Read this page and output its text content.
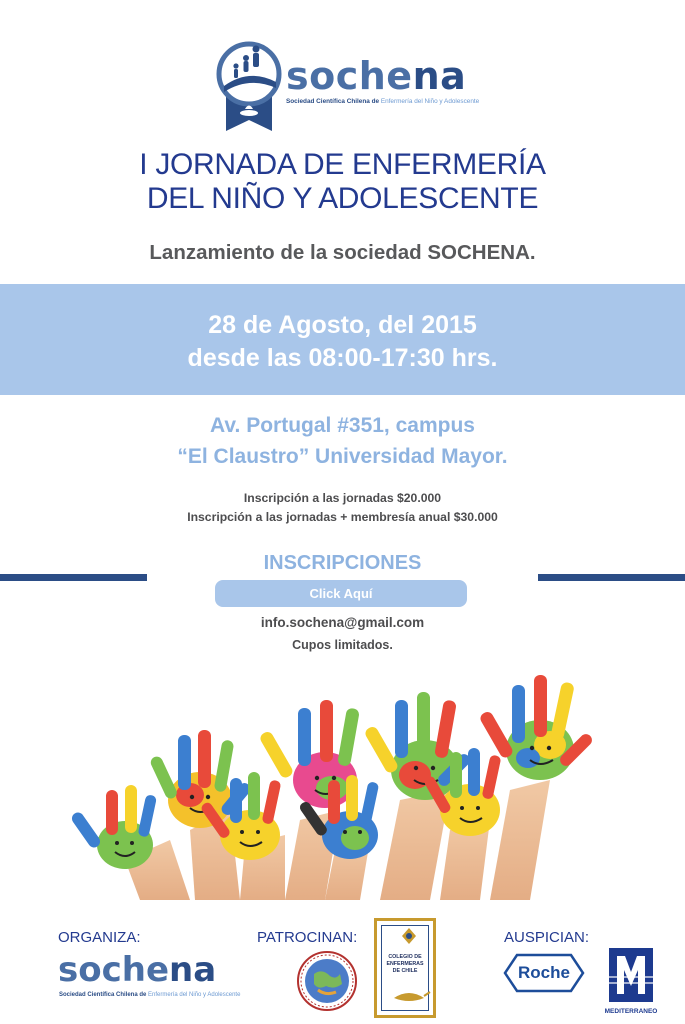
sochena
Sociedad Científica Chilena de Enfermería del Niño y Adolescente
I JORNADA DE ENFERMERÍA
DEL NIÑO Y ADOLESCENTE
Lanzamiento de la sociedad SOCHENA.
28 de Agosto, del 2015
desde las 08:00-17:30 hrs.
Av. Portugal #351, campus
“El Claustro” Universidad Mayor.
Inscripción a las jornadas $20.000
Inscripción a las jornadas + membresía anual $30.000
INSCRIPCIONES
Click Aquí
info.sochena@gmail.com
Cupos limitados.
ORGANIZA:	PATROCINAN:	AUSPICIAN:
sochena
Sociedad Científica Chilena de Enfermería del Niño y Adolescente
COLEGIO DE ENFERMERAS DE CHILE	Roche
MEDITERRANEO
